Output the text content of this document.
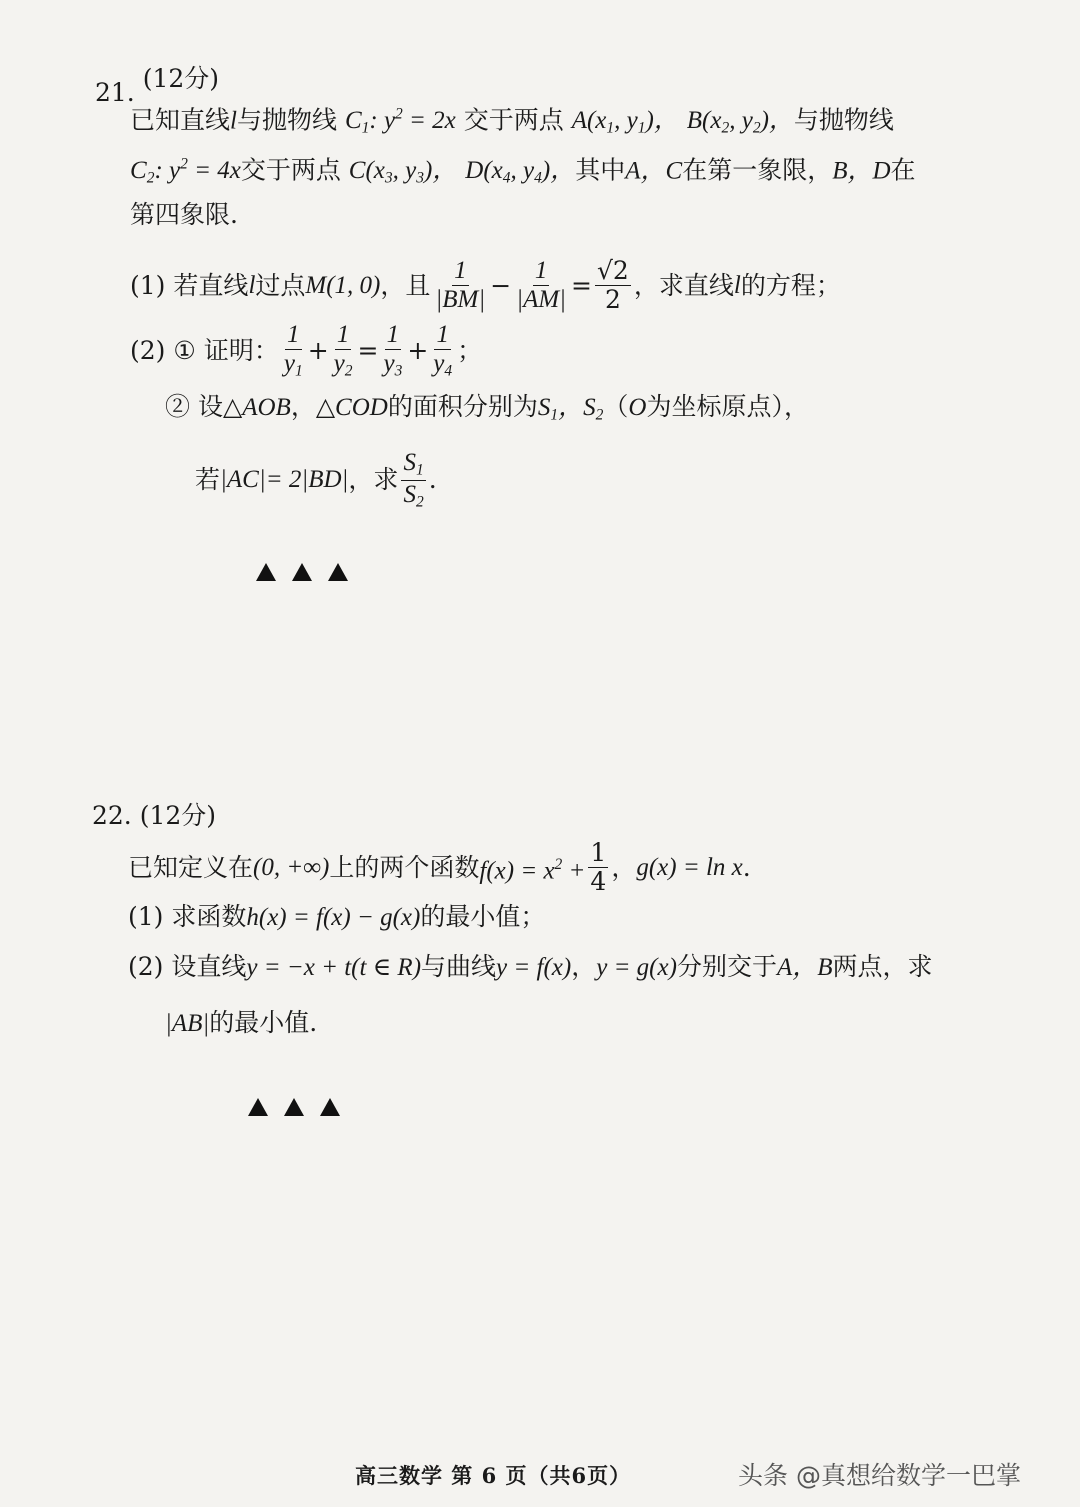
21. (12分)
已知直线l与抛物线 $C_1$: $y^2 = 2x$ 交于两点 $A(x_1$, $y_1$)， $B(x_2$, $y_2$)，与抛物线
$C_2$: $y^2 = 4x$交于两点 $C(x_3$, $y_3$)， $D(x_4$, $y_4$)，其中A，C在第一象限，B，D在
第四象限.
(1) 若直线 l 过点 M(1, 0) ，且 $\frac{1}{|BM|} - \frac{1}{|AM|} = \frac{√2}{2}$ ，求直线 l 的方程；
(2) ① 证明： $\frac{1}{y_1} + \frac{1}{y_2} = \frac{1}{y_3} + \frac{1}{y_4}$ ；
② 设△AOB，△COD的面积分别为$S_1$，$S_2(O$为坐标原点），
若 |AC| = 2 |BD| ，求 $\frac{S_1}{S_2}$ .
22. (12分)
已知定义在 (0, +∞) 上的两个函数 $f(x) = x^2 + \frac{1}{4}$ ， g(x) = ln x .
(1) 求函数h(x) = f(x) − g(x)的最小值；
(2) 设直线y = −x + t(t ∈ R)与曲线y = f(x)，y = g(x)分别交于A，B两点，求
|AB|的最小值.
高三数学 第 6 页（共6页）	头条 @真想给数学一巴掌
